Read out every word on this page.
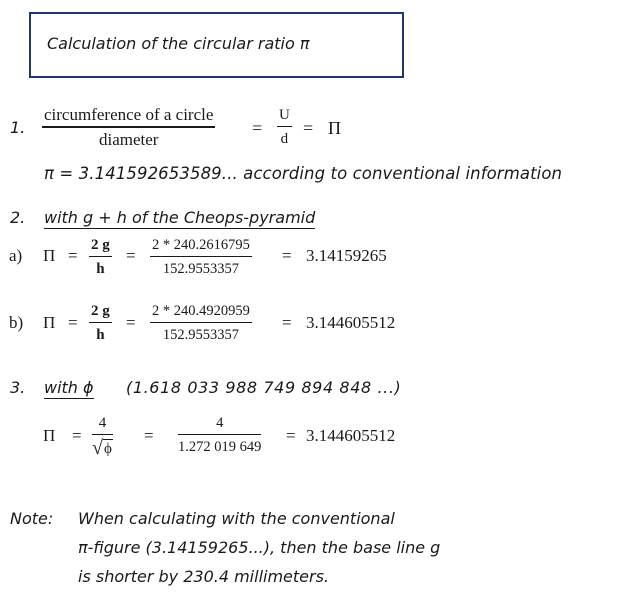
Calculation of the circular ratio π
1.
circumference of a circle
diameter
=
U
d
= Π
π = 3.141592653589... according to conventional information
2. with g + h of the Cheops-pyramid
a) Π =
2 g
h
=
2 * 240.2616795
152.9553357
= 3.14159265
b) Π =
2 g
h
=
2 * 240.4920959
152.9553357
= 3.144605512
3. with ϕ (1.618 033 988 749 894 848 ...)
Π =
4
√ ϕ
=
4
1.272 019 649
= 3.144605512
Note: When calculating with the conventional
π-figure (3.14159265...), then the base line g
is shorter by 230.4 millimeters.
